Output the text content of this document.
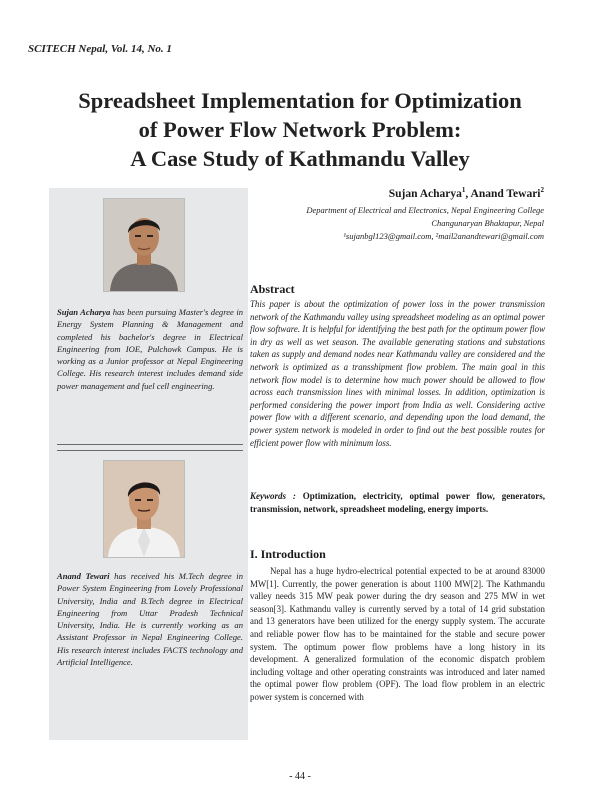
SCITECH Nepal, Vol. 14, No. 1
Spreadsheet Implementation for Optimization
of Power Flow Network Problem:
A Case Study of Kathmandu Valley
Sujan Acharya$^1$, Anand Tewari$^2$
Department of Electrical and Electronics, Nepal Engineering College
Changunaryan Bhaktapur, Nepal
¹sujanbgl123@gmail.com, ²mail2anandtewari@gmail.com
Sujan Acharya has been pursuing Master's degree in Energy System Planning & Management and completed his bachelor's degree in Electrical Engineering from IOE, Pulchowk Campus. He is working as a Junior professor at Nepal Engineering College. His research interest includes demand side power management and fuel cell engineering.
Anand Tewari has received his M.Tech degree in Power System Engineering from Lovely Professional University, India and B.Tech degree in Electrical Engineering from Uttar Pradesh Technical University, India. He is currently working as an Assistant Professor in Nepal Engineering College. His research interest includes FACTS technology and Artificial Intelligence.
Abstract
This paper is about the optimization of power loss in the power transmission network of the Kathmandu valley using spreadsheet modeling as an optimal power flow software. It is helpful for identifying the best path for the optimum power flow in dry as well as wet season. The available generating stations and substations taken as supply and demand nodes near Kathmandu valley are considered and the network is optimized as a transshipment flow problem. The main goal in this network flow model is to determine how much power should be allowed to flow across each transmission lines with minimal losses. In addition, optimization is performed considering the power import from India as well. Considering active power flow with a different scenario, and depending upon the load demand, the power system network is modeled in order to find out the best possible routes for efficient power flow with minimum loss.
Keywords : Optimization, electricity, optimal power flow, generators, transmission, network, spreadsheet modeling, energy imports.
I. Introduction

Nepal has a huge hydro-electrical potential expected to be at around 83000 MW[1]. Currently, the power generation is about 1100 MW[2]. The Kathmandu valley needs 315 MW peak power during the dry season and 275 MW in wet season[3]. Kathmandu valley is currently served by a total of 14 grid substation and 13 generators have been utilized for the energy supply system. The accurate and reliable power flow has to be maintained for the stable and secure power system. The optimum power flow problems have a long history in its development. A generalized formulation of the economic dispatch problem including voltage and other operating constraints was introduced and later named the optimal power flow problem (OPF). The load flow problem in an electric power system is concerned with

- 44 -
